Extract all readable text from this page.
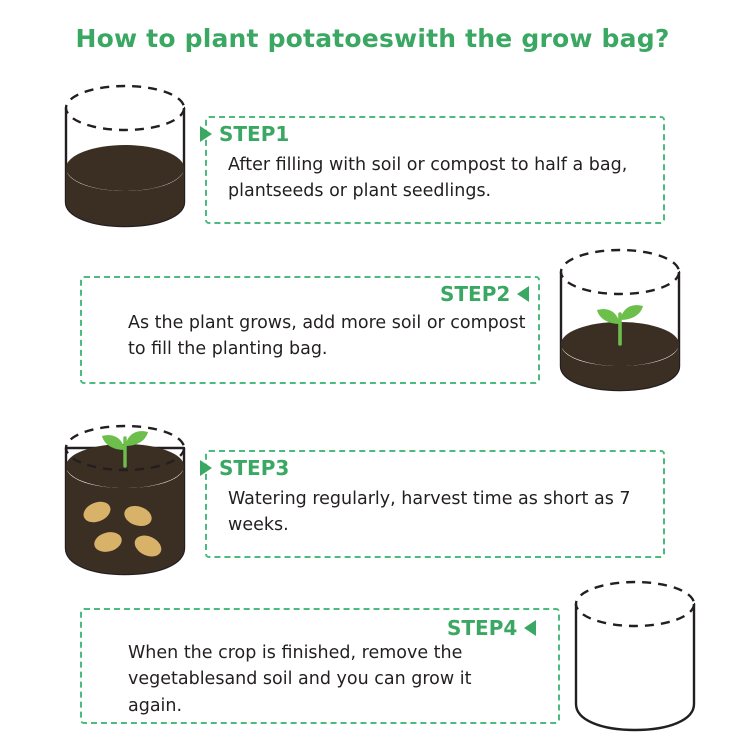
How to plant potatoeswith the grow bag?
STEP1
After filling with soil or compost to half a bag, plantseeds or plant seedlings.
STEP2
As the plant grows, add more soil or compost to fill the planting bag.
STEP3
Watering regularly, harvest time as short as 7 weeks.
STEP4
When the crop is finished, remove the vegetablesand soil and you can grow it again.
